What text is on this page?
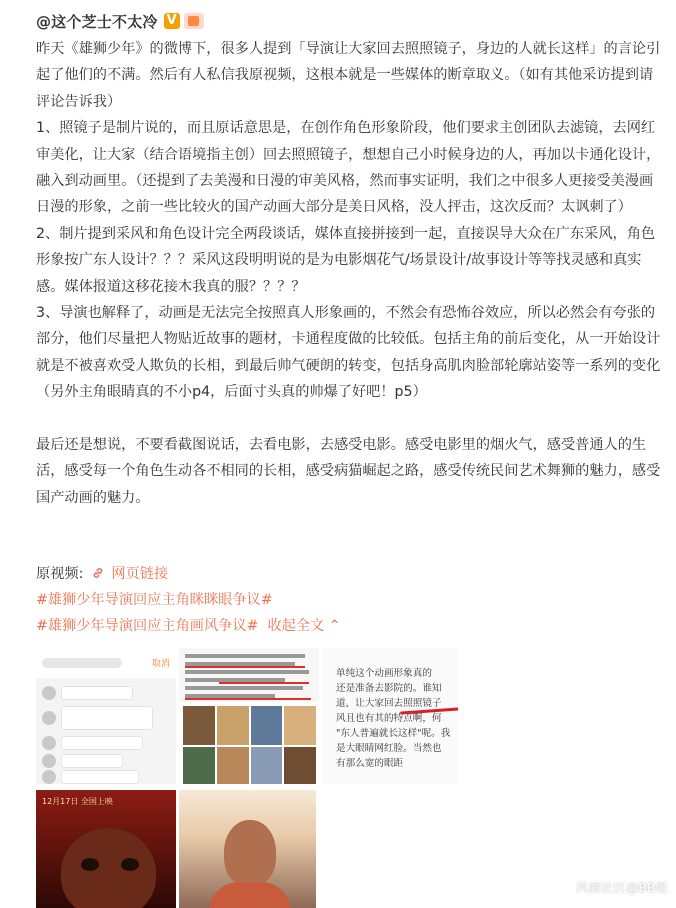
@这个芝士不太冷
V

昨天《雄狮少年》的微博下，很多人提到「导演让大家回去照照镜子，身边的人就长这样」的言论引起了他们的不满。然后有人私信我原视频，这根本就是一些媒体的断章取义。（如有其他采访提到请评论告诉我）

1、照镜子是制片说的，而且原话意思是，在创作角色形象阶段，他们要求主创团队去滤镜，去网红审美化，让大家（结合语境指主创）回去照照镜子，想想自己小时候身边的人，再加以卡通化设计，融入到动画里。（还提到了去美漫和日漫的审美风格，然而事实证明，我们之中很多人更接受美漫画日漫的形象，之前一些比较火的国产动画大部分是美日风格，没人抨击，这次反而？太讽刺了）

2、制片提到采风和角色设计完全两段谈话，媒体直接拼接到一起，直接误导大众在广东采风，角色形象按广东人设计？？？采风这段明明说的是为电影烟花气/场景设计/故事设计等等找灵感和真实感。媒体报道这移花接木我真的服？？？？

3、导演也解释了，动画是无法完全按照真人形象画的，不然会有恐怖谷效应，所以必然会有夸张的部分，他们尽量把人物贴近故事的题材，卡通程度做的比较低。包括主角的前后变化，从一开始设计就是不被喜欢受人欺负的长相，到最后帅气硬朗的转变，包括身高肌肉脸部轮廓站姿等一系列的变化（另外主角眼睛真的不小p4，后面寸头真的帅爆了好吧！p5）

最后还是想说，不要看截图说话，去看电影，去感受电影。感受电影里的烟火气，感受普通人的生活，感受每一个角色生动各不相同的长相，感受病猫崛起之路，感受传统民间艺术舞狮的魅力，感受国产动画的魅力。

原视频: 网页链接
#雄狮少年导演回应主角眯眯眼争议#
#雄狮少年导演回应主角画风争议# 收起全文 ⌃
取消
单纯这个动画形象真的
还是准备去影院的。谁知
道，让大家回去照照镜子
风且也有其的特点啊，何
"东人普遍就长这样"呢。我
是大眼睛网红脸。当然也
有那么宽的眼距
12月17日 全国上映
风画社区@BB姬
